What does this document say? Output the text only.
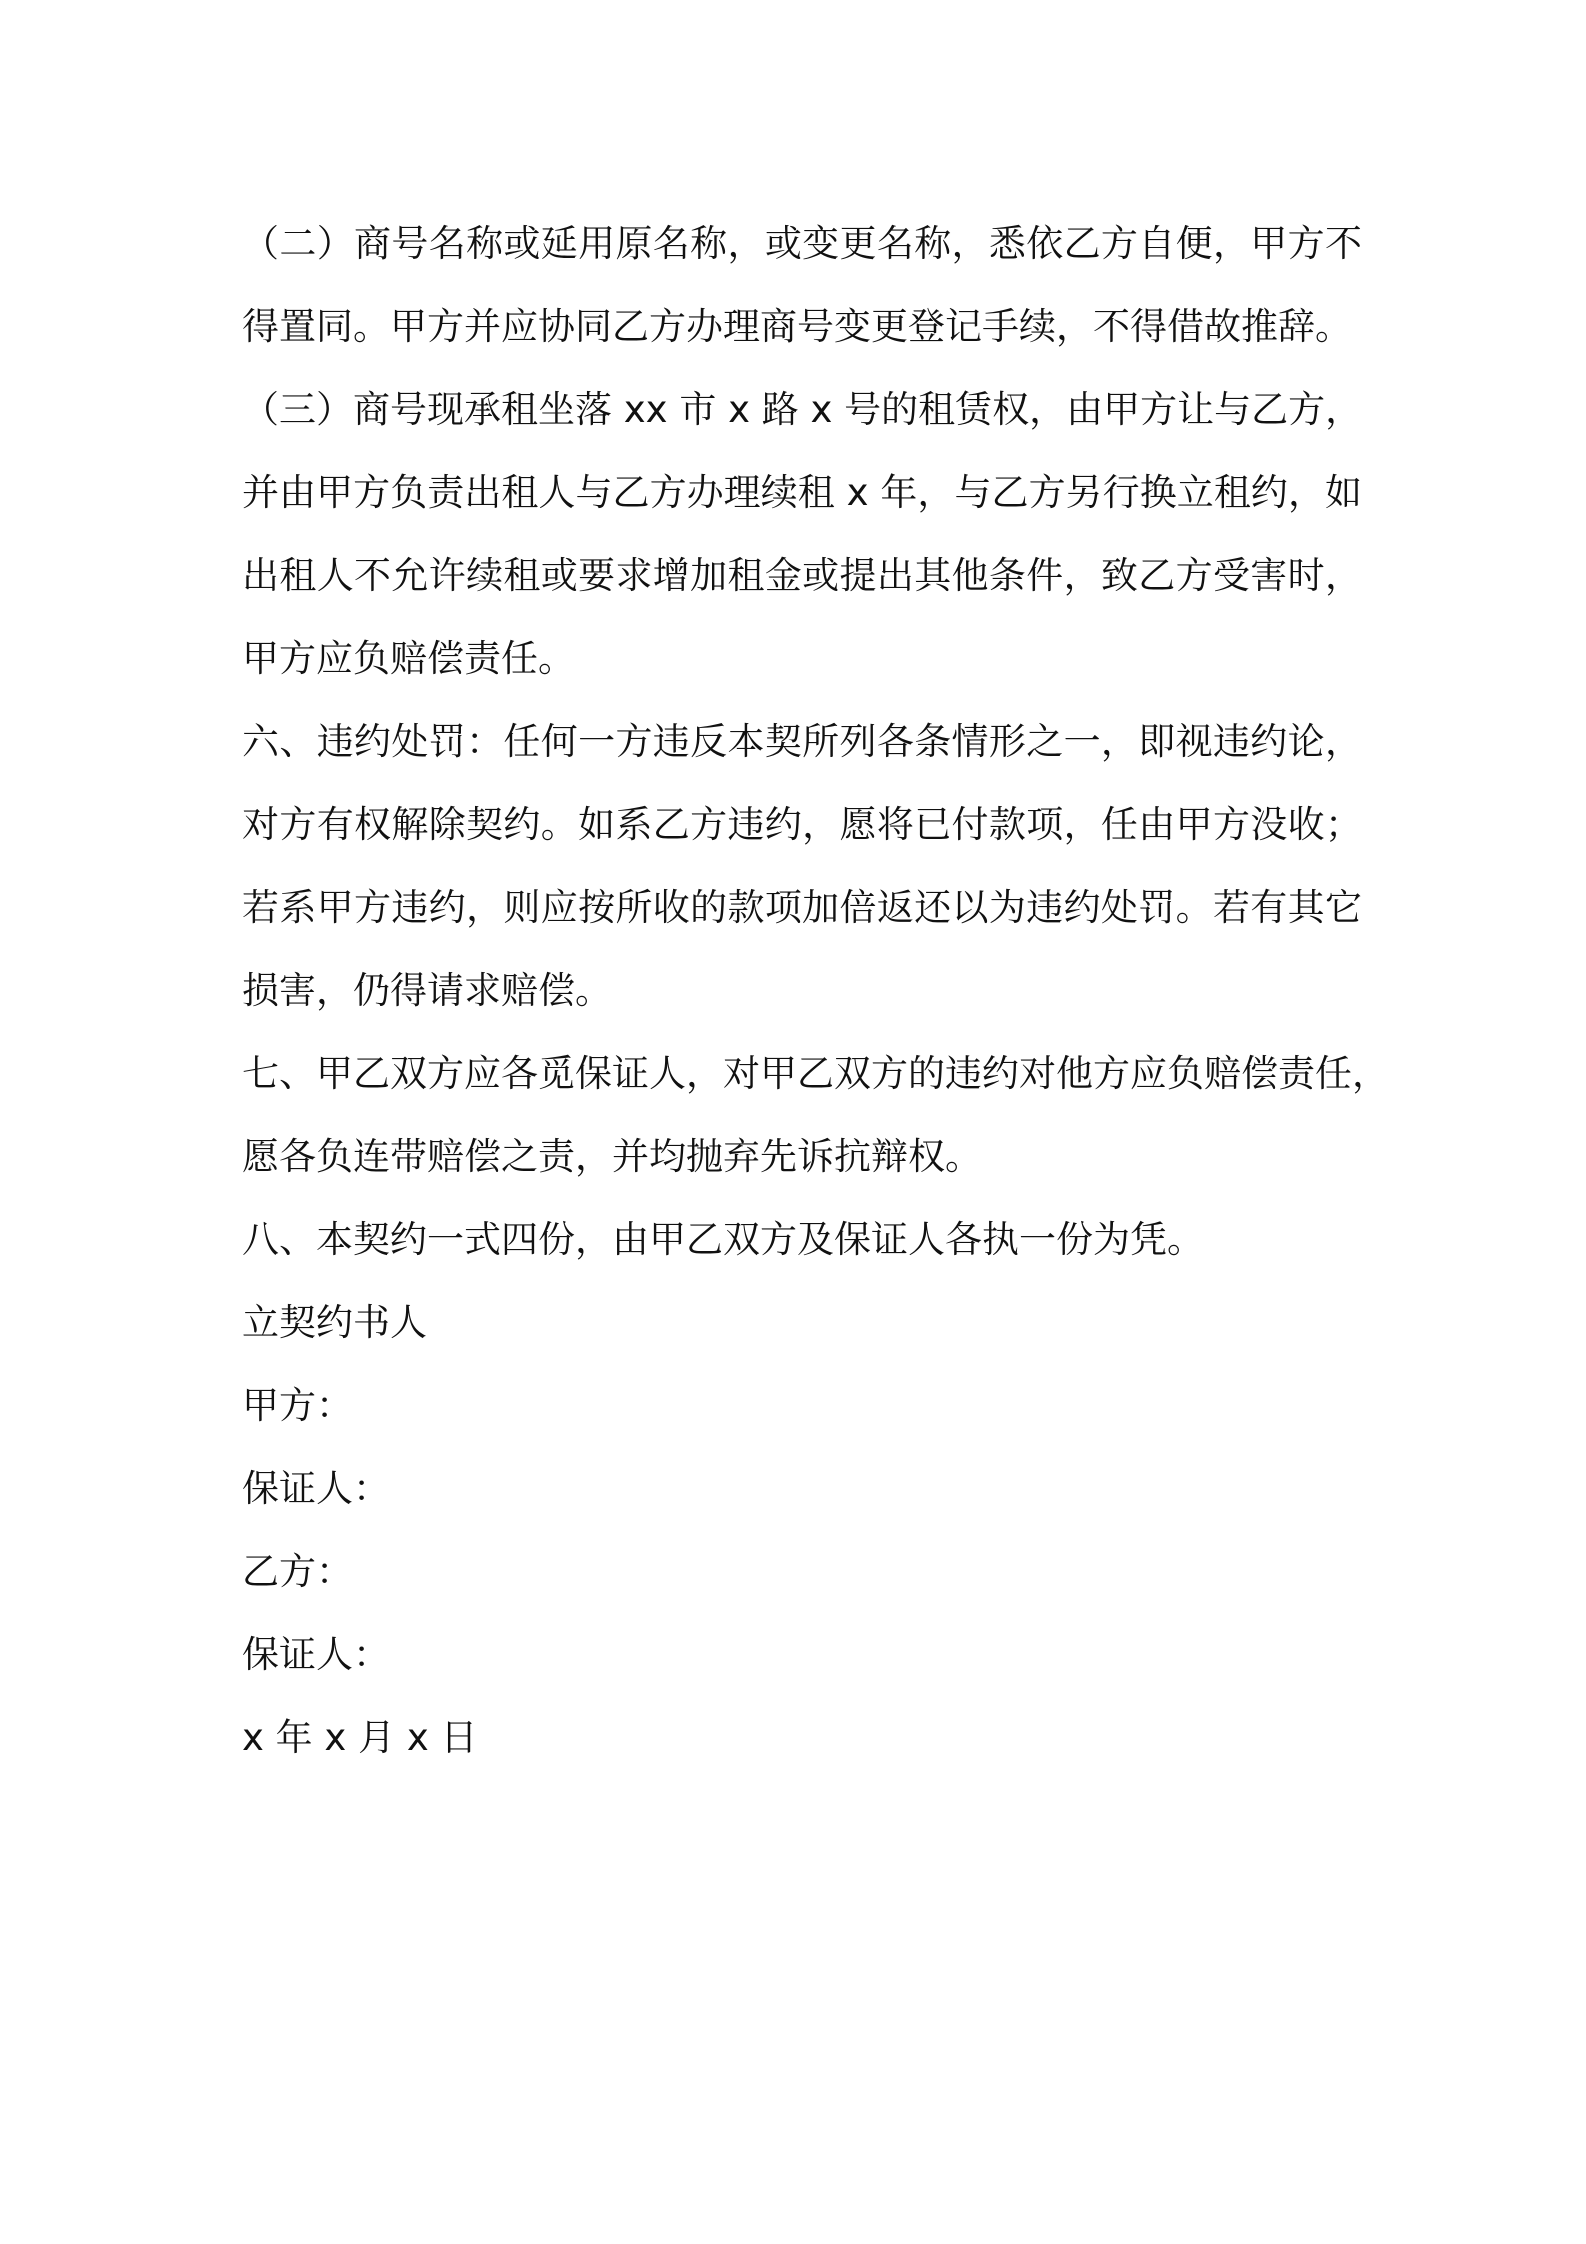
（二）商号名称或延用原名称，或变更名称，悉依乙方自便，甲方不
得置同。甲方并应协同乙方办理商号变更登记手续，不得借故推辞。
（三）商号现承租坐落 xx 市 x 路 x 号的租赁权，由甲方让与乙方，
并由甲方负责出租人与乙方办理续租 x 年，与乙方另行换立租约，如
出租人不允许续租或要求增加租金或提出其他条件，致乙方受害时，
甲方应负赔偿责任。
六、违约处罚：任何一方违反本契所列各条情形之一，即视违约论，
对方有权解除契约。如系乙方违约，愿将已付款项，任由甲方没收；
若系甲方违约，则应按所收的款项加倍返还以为违约处罚。若有其它
损害，仍得请求赔偿。
七、甲乙双方应各觅保证人，对甲乙双方的违约对他方应负赔偿责任，
愿各负连带赔偿之责，并均抛弃先诉抗辩权。
八、本契约一式四份，由甲乙双方及保证人各执一份为凭。
立契约书人
甲方：
保证人：
乙方：
保证人：
x 年 x 月 x 日
